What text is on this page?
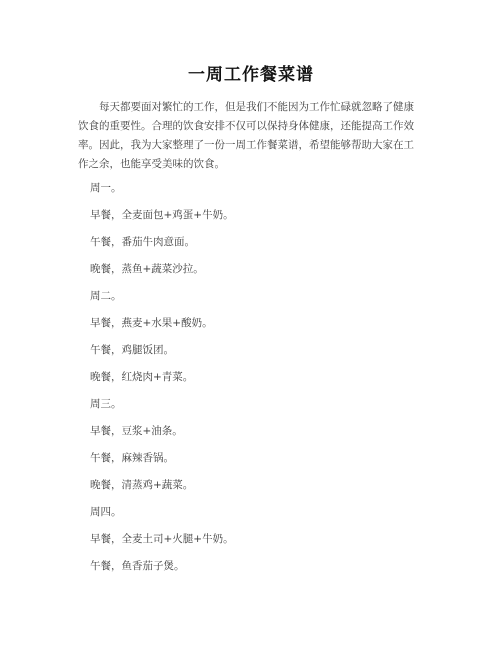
一周工作餐菜谱

每天都要面对繁忙的工作，但是我们不能因为工作忙碌就忽略了健康饮食的重要性。合理的饮食安排不仅可以保持身体健康，还能提高工作效率。因此，我为大家整理了一份一周工作餐菜谱，希望能够帮助大家在工作之余，也能享受美味的饮食。

周一。
早餐，全麦面包+鸡蛋+牛奶。
午餐，番茄牛肉意面。
晚餐，蒸鱼+蔬菜沙拉。
周二。
早餐，燕麦+水果+酸奶。
午餐，鸡腿饭团。
晚餐，红烧肉+青菜。
周三。
早餐，豆浆+油条。
午餐，麻辣香锅。
晚餐，清蒸鸡+蔬菜。
周四。
早餐，全麦土司+火腿+牛奶。
午餐，鱼香茄子煲。
